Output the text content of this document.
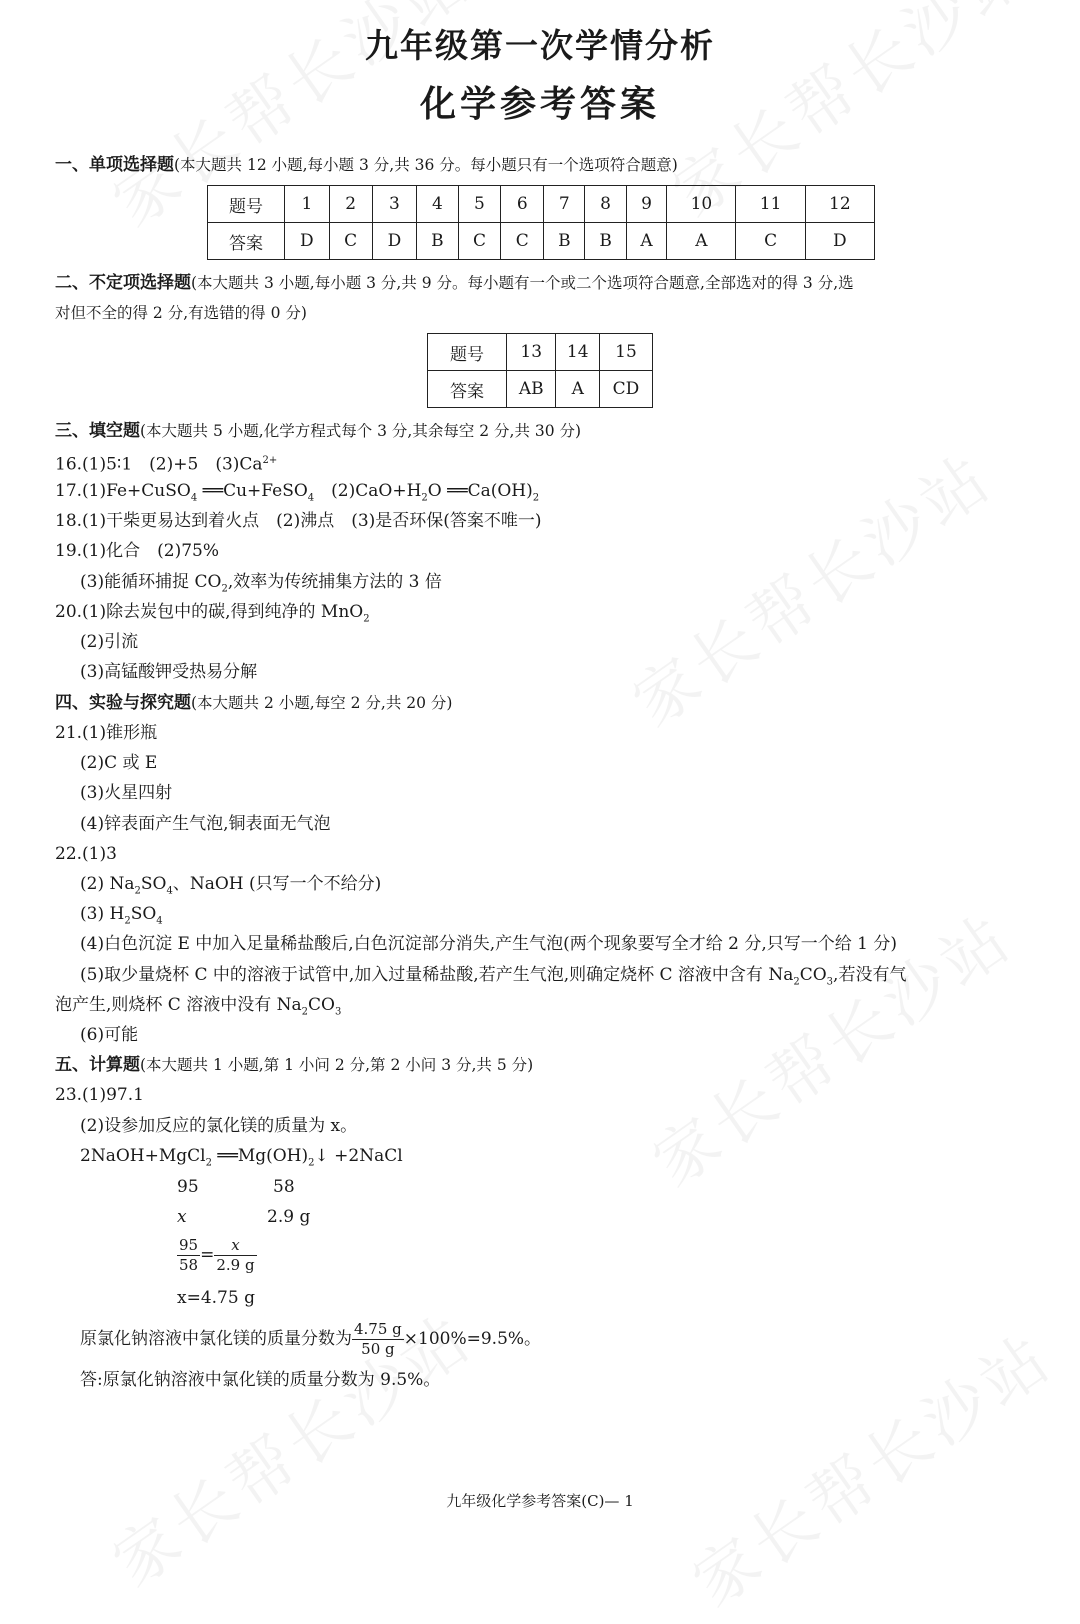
九年级第一次学情分析
化学参考答案
一、单项选择题(本大题共 12 小题,每小题 3 分,共 36 分。每小题只有一个选项符合题意)
题号	1	2	3	4	5	6	7	8	9	10	11	12
答案	D	C	D	B	C	C	B	B	A	A	C	D
二、不定项选择题(本大题共 3 小题,每小题 3 分,共 9 分。每小题有一个或二个选项符合题意,全部选对的得 3 分,选
对但不全的得 2 分,有选错的得 0 分)
题号	13	14	15
答案	AB	A	CD
三、填空题(本大题共 5 小题,化学方程式每个 3 分,其余每空 2 分,共 30 分)
16.(1)5∶1　(2)+5　$(3)Ca^{2+}$
17.(1)Fe+CuSO$_4$ ══Cu+FeSO$_4$　$(2)CaO+H_2O$ $══Ca(OH)_2$
18.(1)干柴更易达到着火点　(2)沸点　(3)是否环保(答案不唯一)
19.(1)化合　(2)75%
(3)能循环捕捉 $CO_2$,效率为传统捕集方法的 3 倍
20.(1)除去炭包中的碳,得到纯净的 MnO$_2$
(2)引流
(3)高锰酸钾受热易分解
四、实验与探究题(本大题共 2 小题,每空 2 分,共 20 分)
21.(1)锥形瓶
(2)C 或 E
(3)火星四射
(4)锌表面产生气泡,铜表面无气泡
22.(1)3
(2) $Na_2SO_4$、NaOH (只写一个不给分)
(3) $H_2SO_4$
(4)白色沉淀 E 中加入足量稀盐酸后,白色沉淀部分消失,产生气泡(两个现象要写全才给 2 分,只写一个给 1 分)
(5)取少量烧杯 C 中的溶液于试管中,加入过量稀盐酸,若产生气泡,则确定烧杯 C 溶液中含有 $Na_2CO_3$,若没有气
泡产生,则烧杯 C 溶液中没有 $Na_2CO_3$
(6)可能
五、计算题(本大题共 1 小题,第 1 小问 2 分,第 2 小问 3 分,共 5 分)
23.(1)97.1
(2)设参加反应的氯化镁的质量为 x。
2NaOH+MgCl$_2$ $══Mg(OH)_2↓$ +2NaCl
95	58
x	2.9 g
$\frac{95}{58} = \frac{x}{2.9 g}$
x=4.75 g
原氯化钠溶液中氯化镁的质量分数为 $\frac{4.75 g}{50 g} \times 100\%=9.5\%$。
答:原氯化钠溶液中氯化镁的质量分数为 9.5%。
九年级化学参考答案(C)— 1
